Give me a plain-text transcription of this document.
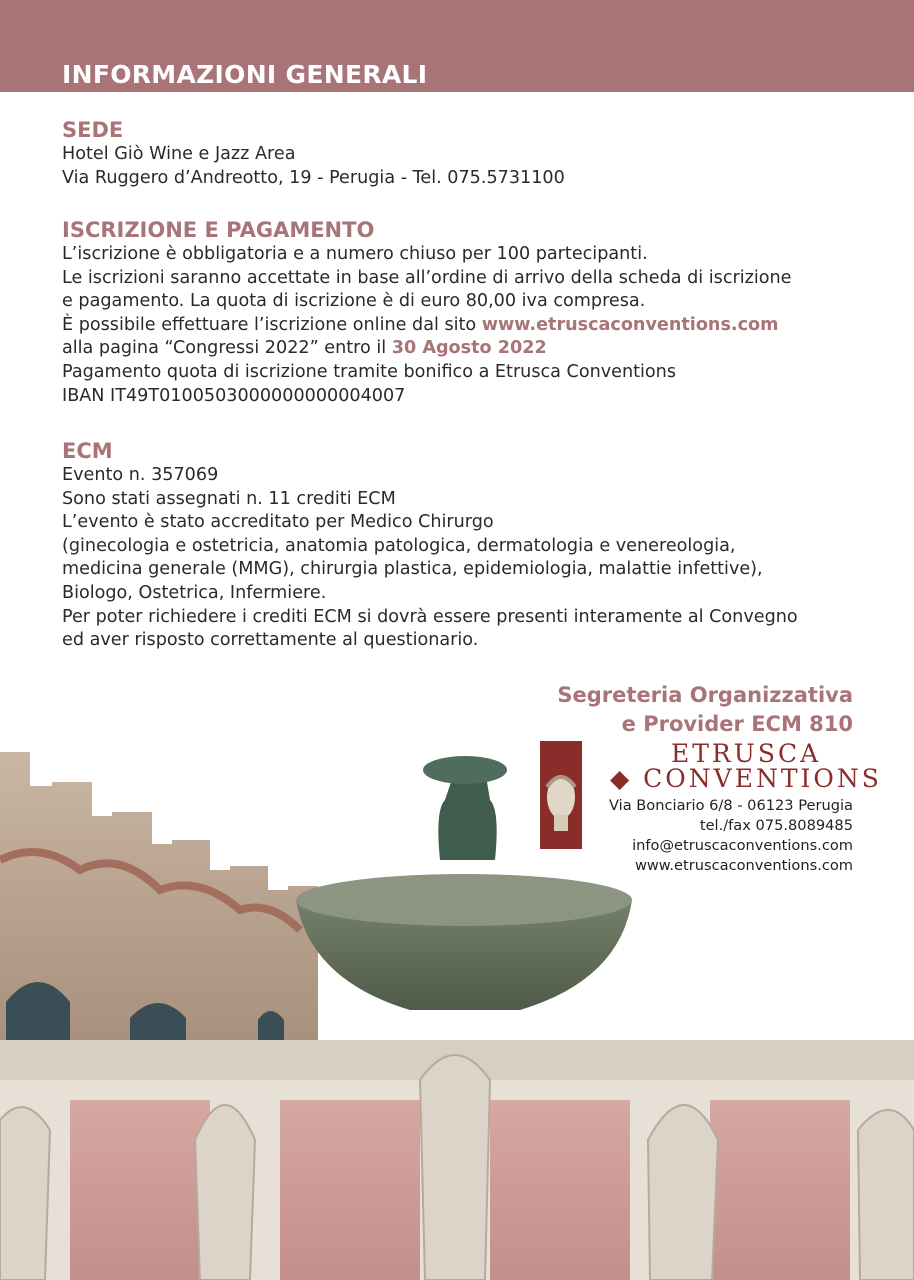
INFORMAZIONI GENERALI
SEDE
Hotel Giò Wine e Jazz Area
Via Ruggero d’Andreotto, 19 - Perugia - Tel. 075.5731100
ISCRIZIONE E PAGAMENTO
L’iscrizione è obbligatoria e a numero chiuso per 100 partecipanti.
Le iscrizioni saranno accettate in base all’ordine di arrivo della scheda di iscrizione
e pagamento. La quota di iscrizione è di euro 80,00 iva compresa.
È possibile effettuare l’iscrizione online dal sito www.etruscaconventions.com
alla pagina “Congressi 2022” entro il 30 Agosto 2022
Pagamento quota di iscrizione tramite bonifico a Etrusca Conventions
IBAN IT49T0100503000000000004007
ECM
Evento n. 357069
Sono stati assegnati n. 11 crediti ECM
L’evento è stato accreditato per Medico Chirurgo
(ginecologia e ostetricia, anatomia patologica, dermatologia e venereologia,
medicina generale (MMG), chirurgia plastica, epidemiologia, malattie infettive),
Biologo, Ostetrica, Infermiere.
Per poter richiedere i crediti ECM si dovrà essere presenti interamente al Convegno
ed aver risposto correttamente al questionario.
Segreteria Organizzativa
e Provider ECM 810
ETRUSCA
◆ CONVENTIONS
Via Bonciario 6/8 - 06123 Perugia
tel./fax 075.8089485
info@etruscaconventions.com
www.etruscaconventions.com
